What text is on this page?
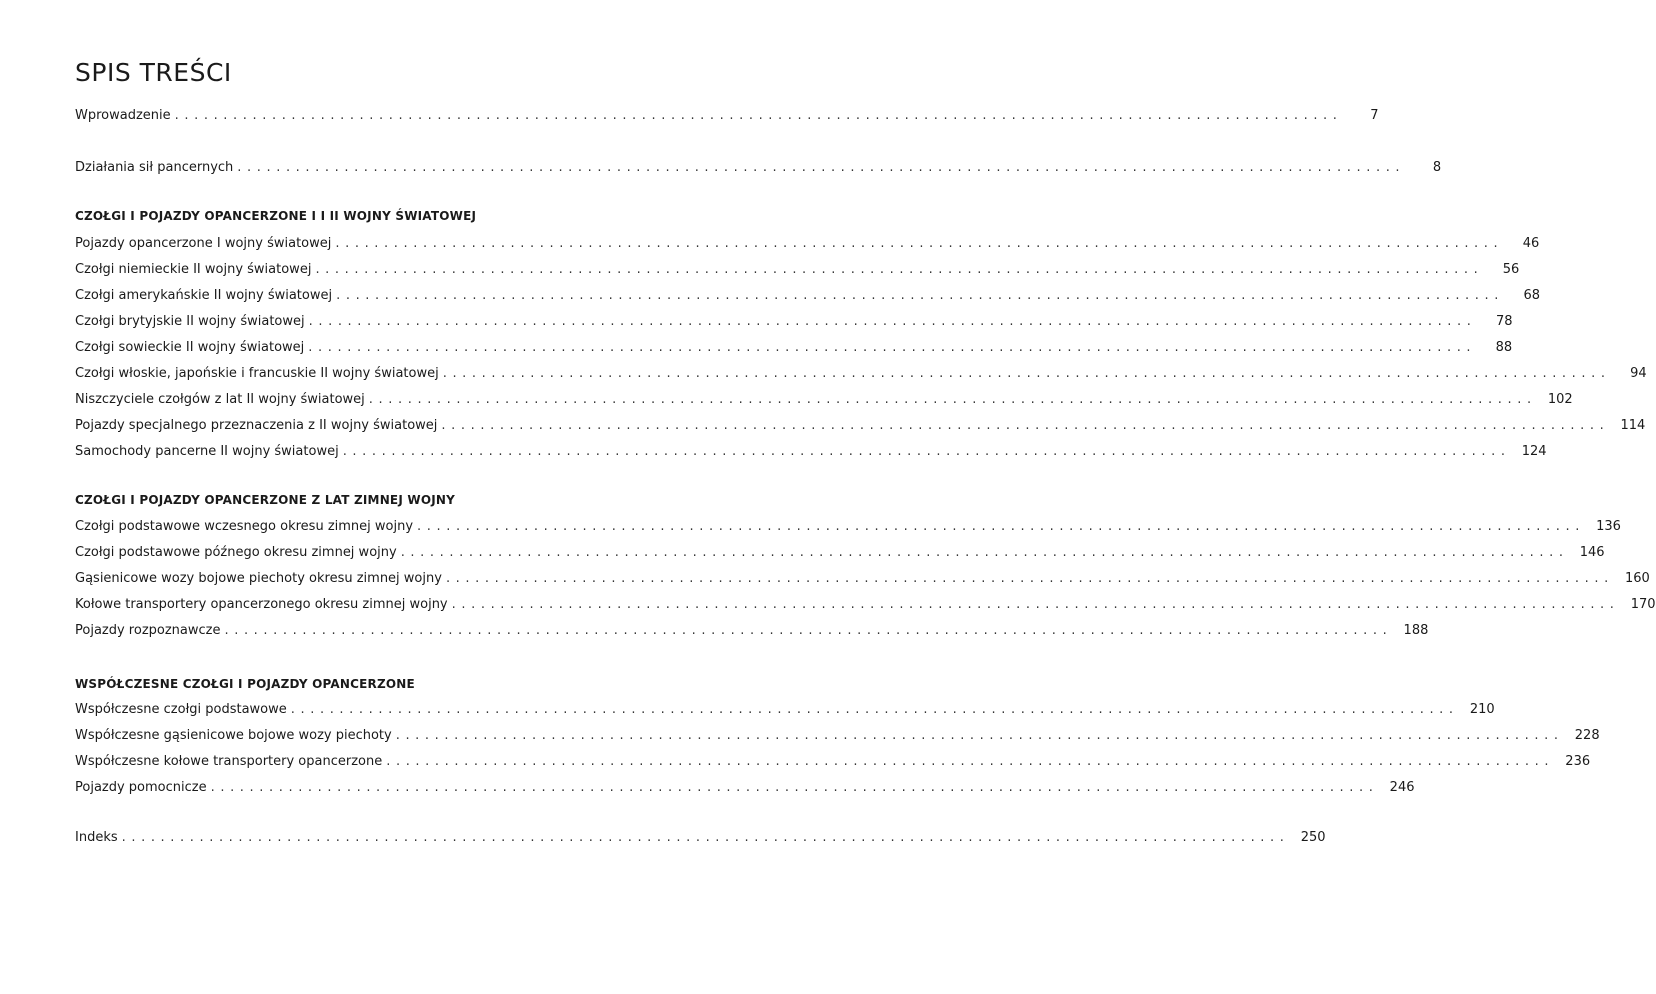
SPIS TREŚCI
Wprowadzenie ........................................................................................................................	7
Działania sił pancernych ........................................................................................................................	8
CZOŁGI I POJAZDY OPANCERZONE I I II WOJNY ŚWIATOWEJ
Pojazdy opancerzone I wojny światowej ........................................................................................................................	46
Czołgi niemieckie II wojny światowej ........................................................................................................................	56
Czołgi amerykańskie II wojny światowej ........................................................................................................................	68
Czołgi brytyjskie II wojny światowej ........................................................................................................................	78
Czołgi sowieckie II wojny światowej ........................................................................................................................	88
Czołgi włoskie, japońskie i francuskie II wojny światowej ........................................................................................................................	94
Niszczyciele czołgów z lat II wojny światowej ........................................................................................................................ 102
Pojazdy specjalnego przeznaczenia z II wojny światowej ........................................................................................................................ 114
Samochody pancerne II wojny światowej ........................................................................................................................ 124
CZOŁGI I POJAZDY OPANCERZONE Z LAT ZIMNEJ WOJNY
Czołgi podstawowe wczesnego okresu zimnej wojny ........................................................................................................................ 136
Czołgi podstawowe późnego okresu zimnej wojny ........................................................................................................................ 146
Gąsienicowe wozy bojowe piechoty okresu zimnej wojny ........................................................................................................................ 160
Kołowe transportery opancerzonego okresu zimnej wojny ........................................................................................................................ 170
Pojazdy rozpoznawcze ........................................................................................................................ 188
WSPÓŁCZESNE CZOŁGI I POJAZDY OPANCERZONE
Współczesne czołgi podstawowe ........................................................................................................................ 210
Współczesne gąsienicowe bojowe wozy piechoty ........................................................................................................................ 228
Współczesne kołowe transportery opancerzone ........................................................................................................................ 236
Pojazdy pomocnicze ........................................................................................................................ 246
Indeks ........................................................................................................................ 250
